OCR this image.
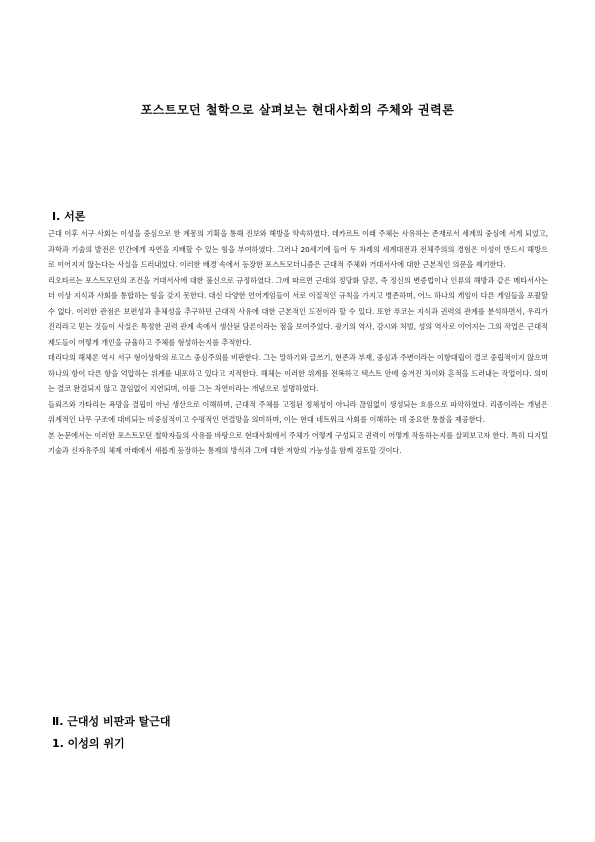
포스트모던 철학으로 살펴보는 현대사회의 주체와 권력론
Ⅰ. 서론

근대 이후 서구 사회는 이성을 중심으로 한 계몽의 기획을 통해 진보와 해방을 약속하였다. 데카르트 이래 주체는 사유하는 존재로서 세계의 중심에 서게 되었고, 과학과 기술의 발전은 인간에게 자연을 지배할 수 있는 힘을 부여하였다. 그러나 20세기에 들어 두 차례의 세계대전과 전체주의의 경험은 이성이 반드시 해방으로 이어지지 않는다는 사실을 드러내었다. 이러한 배경 속에서 등장한 포스트모더니즘은 근대적 주체와 거대서사에 대한 근본적인 의문을 제기한다.

리오타르는 포스트모던의 조건을 거대서사에 대한 불신으로 규정하였다. 그에 따르면 근대의 정당화 담론, 즉 정신의 변증법이나 인류의 해방과 같은 메타서사는 더 이상 지식과 사회를 통합하는 힘을 갖지 못한다. 대신 다양한 언어게임들이 서로 이질적인 규칙을 가지고 병존하며, 어느 하나의 게임이 다른 게임들을 포괄할 수 없다. 이러한 관점은 보편성과 총체성을 추구하던 근대적 사유에 대한 근본적인 도전이라 할 수 있다. 또한 푸코는 지식과 권력의 관계를 분석하면서, 우리가 진리라고 믿는 것들이 사실은 특정한 권력 관계 속에서 생산된 담론이라는 점을 보여주었다. 광기의 역사, 감시와 처벌, 성의 역사로 이어지는 그의 작업은 근대적 제도들이 어떻게 개인을 규율하고 주체를 형성하는지를 추적한다.

데리다의 해체론 역시 서구 형이상학의 로고스 중심주의를 비판한다. 그는 말하기와 글쓰기, 현존과 부재, 중심과 주변이라는 이항대립이 결코 중립적이지 않으며 하나의 항이 다른 항을 억압하는 위계를 내포하고 있다고 지적한다. 해체는 이러한 위계를 전복하고 텍스트 안에 숨겨진 차이와 흔적을 드러내는 작업이다. 의미는 결코 완결되지 않고 끊임없이 지연되며, 이를 그는 차연이라는 개념으로 설명하였다.

들뢰즈와 가타리는 욕망을 결핍이 아닌 생산으로 이해하며, 근대적 주체를 고정된 정체성이 아니라 끊임없이 생성되는 흐름으로 파악하였다. 리좀이라는 개념은 위계적인 나무 구조에 대비되는 비중심적이고 수평적인 연결망을 의미하며, 이는 현대 네트워크 사회를 이해하는 데 중요한 통찰을 제공한다.

본 논문에서는 이러한 포스트모던 철학자들의 사유를 바탕으로 현대사회에서 주체가 어떻게 구성되고 권력이 어떻게 작동하는지를 살펴보고자 한다. 특히 디지털 기술과 신자유주의 체제 아래에서 새롭게 등장하는 통제의 방식과 그에 대한 저항의 가능성을 함께 검토할 것이다.

Ⅱ. 근대성 비판과 탈근대
1. 이성의 위기
